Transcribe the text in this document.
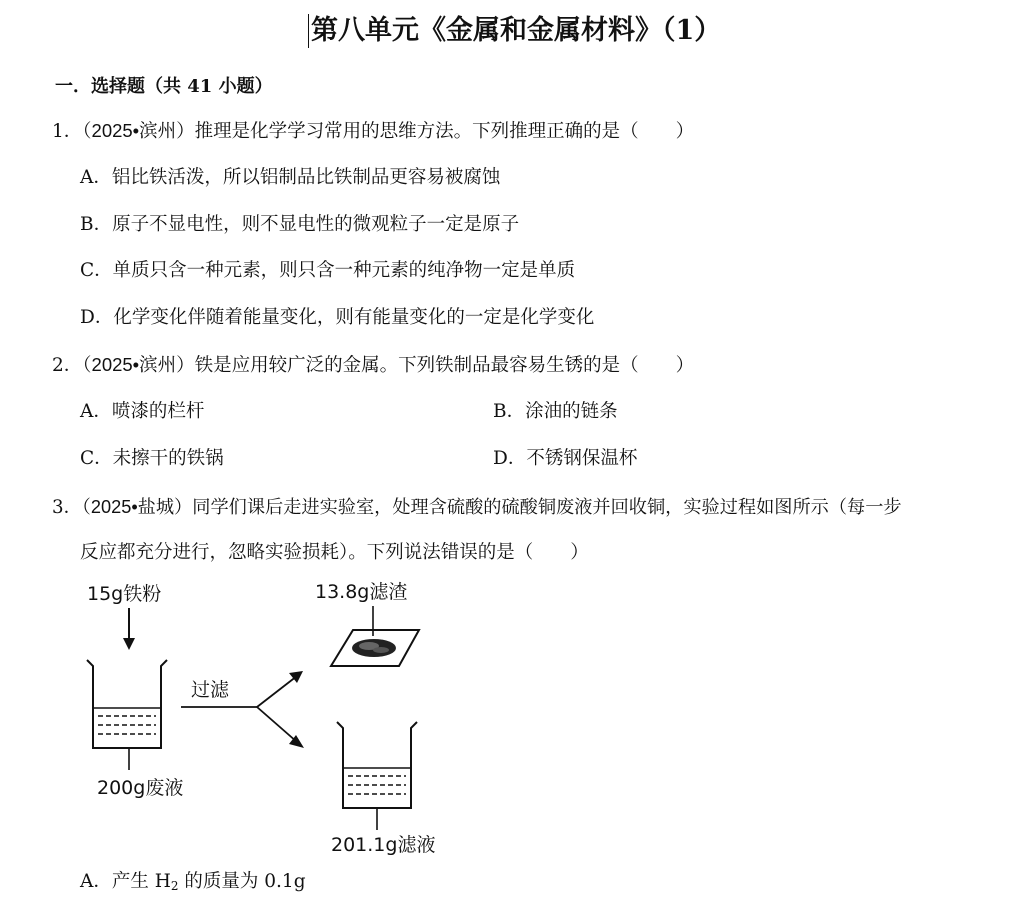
第八单元《金属和金属材料》（1）
一．选择题（共 41 小题）
1．（2025•滨州）推理是化学学习常用的思维方法。下列推理正确的是（　　）
A．铝比铁活泼，所以铝制品比铁制品更容易被腐蚀
B．原子不显电性，则不显电性的微观粒子一定是原子
C．单质只含一种元素，则只含一种元素的纯净物一定是单质
D．化学变化伴随着能量变化，则有能量变化的一定是化学变化
2．（2025•滨州）铁是应用较广泛的金属。下列铁制品最容易生锈的是（　　）
A．喷漆的栏杆	B．涂油的链条
C．未擦干的铁锅	D．不锈钢保温杯
3．（2025•盐城）同学们课后走进实验室，处理含硫酸的硫酸铜废液并回收铜，实验过程如图所示（每一步
反应都充分进行，忽略实验损耗）。下列说法错误的是（　　）
15g铁粉
200g废液
过滤
13.8g滤渣
201.1g滤液
A．产生 $H_2$ 的质量为 0.1g
